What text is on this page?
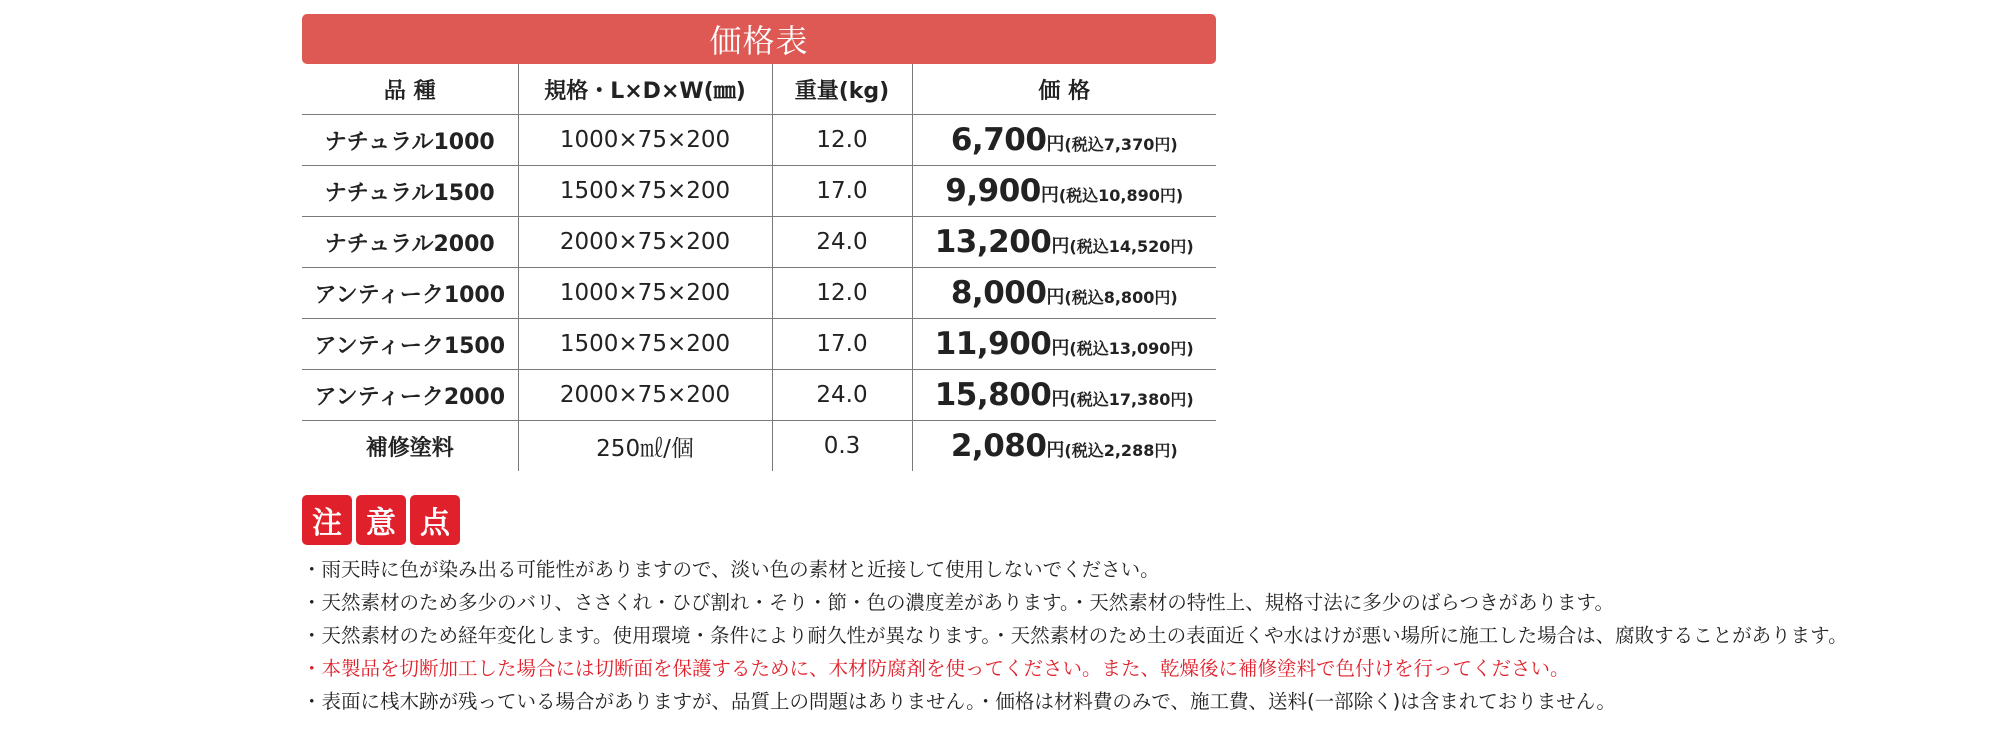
価格表
品 種	規格・L×D×W(㎜)	重量(kg)	価 格
ナチュラル1000	1000×75×200	12.0	6,700円(税込7,370円)
ナチュラル1500	1500×75×200	17.0	9,900円(税込10,890円)
ナチュラル2000	2000×75×200	24.0	13,200円(税込14,520円)
アンティーク1000	1000×75×200	12.0	8,000円(税込8,800円)
アンティーク1500	1500×75×200	17.0	11,900円(税込13,090円)
アンティーク2000	2000×75×200	24.0	15,800円(税込17,380円)
補修塗料	250㎖/個	0.3	2,080円(税込2,288円)
注 意 点
・雨天時に色が染み出る可能性がありますので、淡い色の素材と近接して使用しないでください。
・天然素材のため多少のバリ、ささくれ・ひび割れ・そり・節・色の濃度差があります。・天然素材の特性上、規格寸法に多少のばらつきがあります。
・天然素材のため経年変化します。使用環境・条件により耐久性が異なります。・天然素材のため土の表面近くや水はけが悪い場所に施工した場合は、腐敗することがあります。
・本製品を切断加工した場合には切断面を保護するために、木材防腐剤を使ってください。また、乾燥後に補修塗料で色付けを行ってください。
・表面に桟木跡が残っている場合がありますが、品質上の問題はありません。・価格は材料費のみで、施工費、送料(一部除く)は含まれておりません。
